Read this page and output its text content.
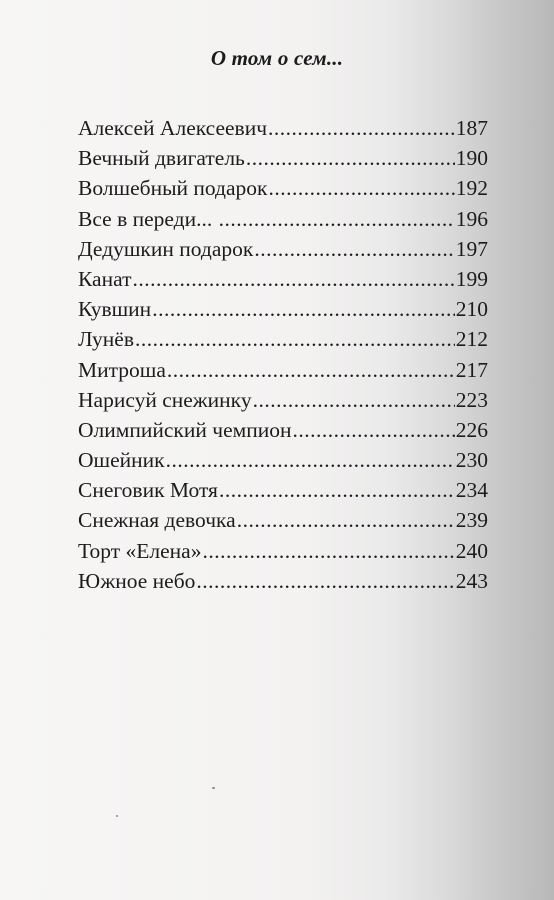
О том о сем...
Алексей Алексеевич .....	187
Вечный двигатель .....	190
Волшебный подарок .....	192
Все в переди... .....	196
Дедушкин подарок .....	197
Канат .....	199
Кувшин .....	210
Лунёв .....	212
Митроша .....	217
Нарисуй снежинку .....	223
Олимпийский чемпион .....	226
Ошейник .....	230
Снеговик Мотя .....	234
Снежная девочка .....	239
Торт «Елена» .....	240
Южное небо .....	243
